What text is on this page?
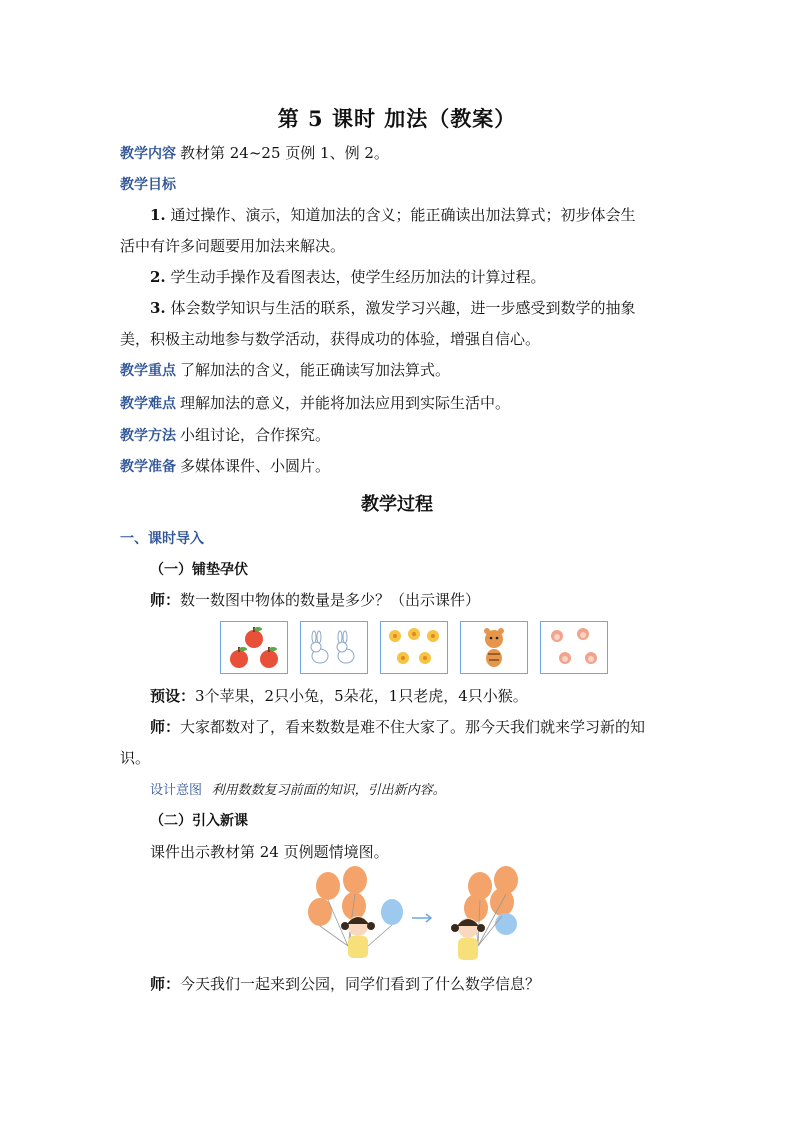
第 5 课时 加法（教案）
教学内容 教材第 24~25 页例 1、例 2。
教学目标
1. 通过操作、演示，知道加法的含义；能正确读出加法算式；初步体会生
活中有许多问题要用加法来解决。
2. 学生动手操作及看图表达，使学生经历加法的计算过程。
3. 体会数学知识与生活的联系，激发学习兴趣，进一步感受到数学的抽象
美，积极主动地参与数学活动，获得成功的体验，增强自信心。
教学重点 了解加法的含义，能正确读写加法算式。
教学难点 理解加法的意义，并能将加法应用到实际生活中。
教学方法 小组讨论，合作探究。
教学准备 多媒体课件、小圆片。
教学过程
一、课时导入
（一）铺垫孕伏
师：数一数图中物体的数量是多少？（出示课件）
预设：3个苹果，2只小兔，5朵花，1只老虎，4只小猴。
师：大家都数对了，看来数数是难不住大家了。那今天我们就来学习新的知
识。
设计意图 利用数数复习前面的知识，引出新内容。
（二）引入新课
课件出示教材第 24 页例题情境图。
师：今天我们一起来到公园，同学们看到了什么数学信息？
